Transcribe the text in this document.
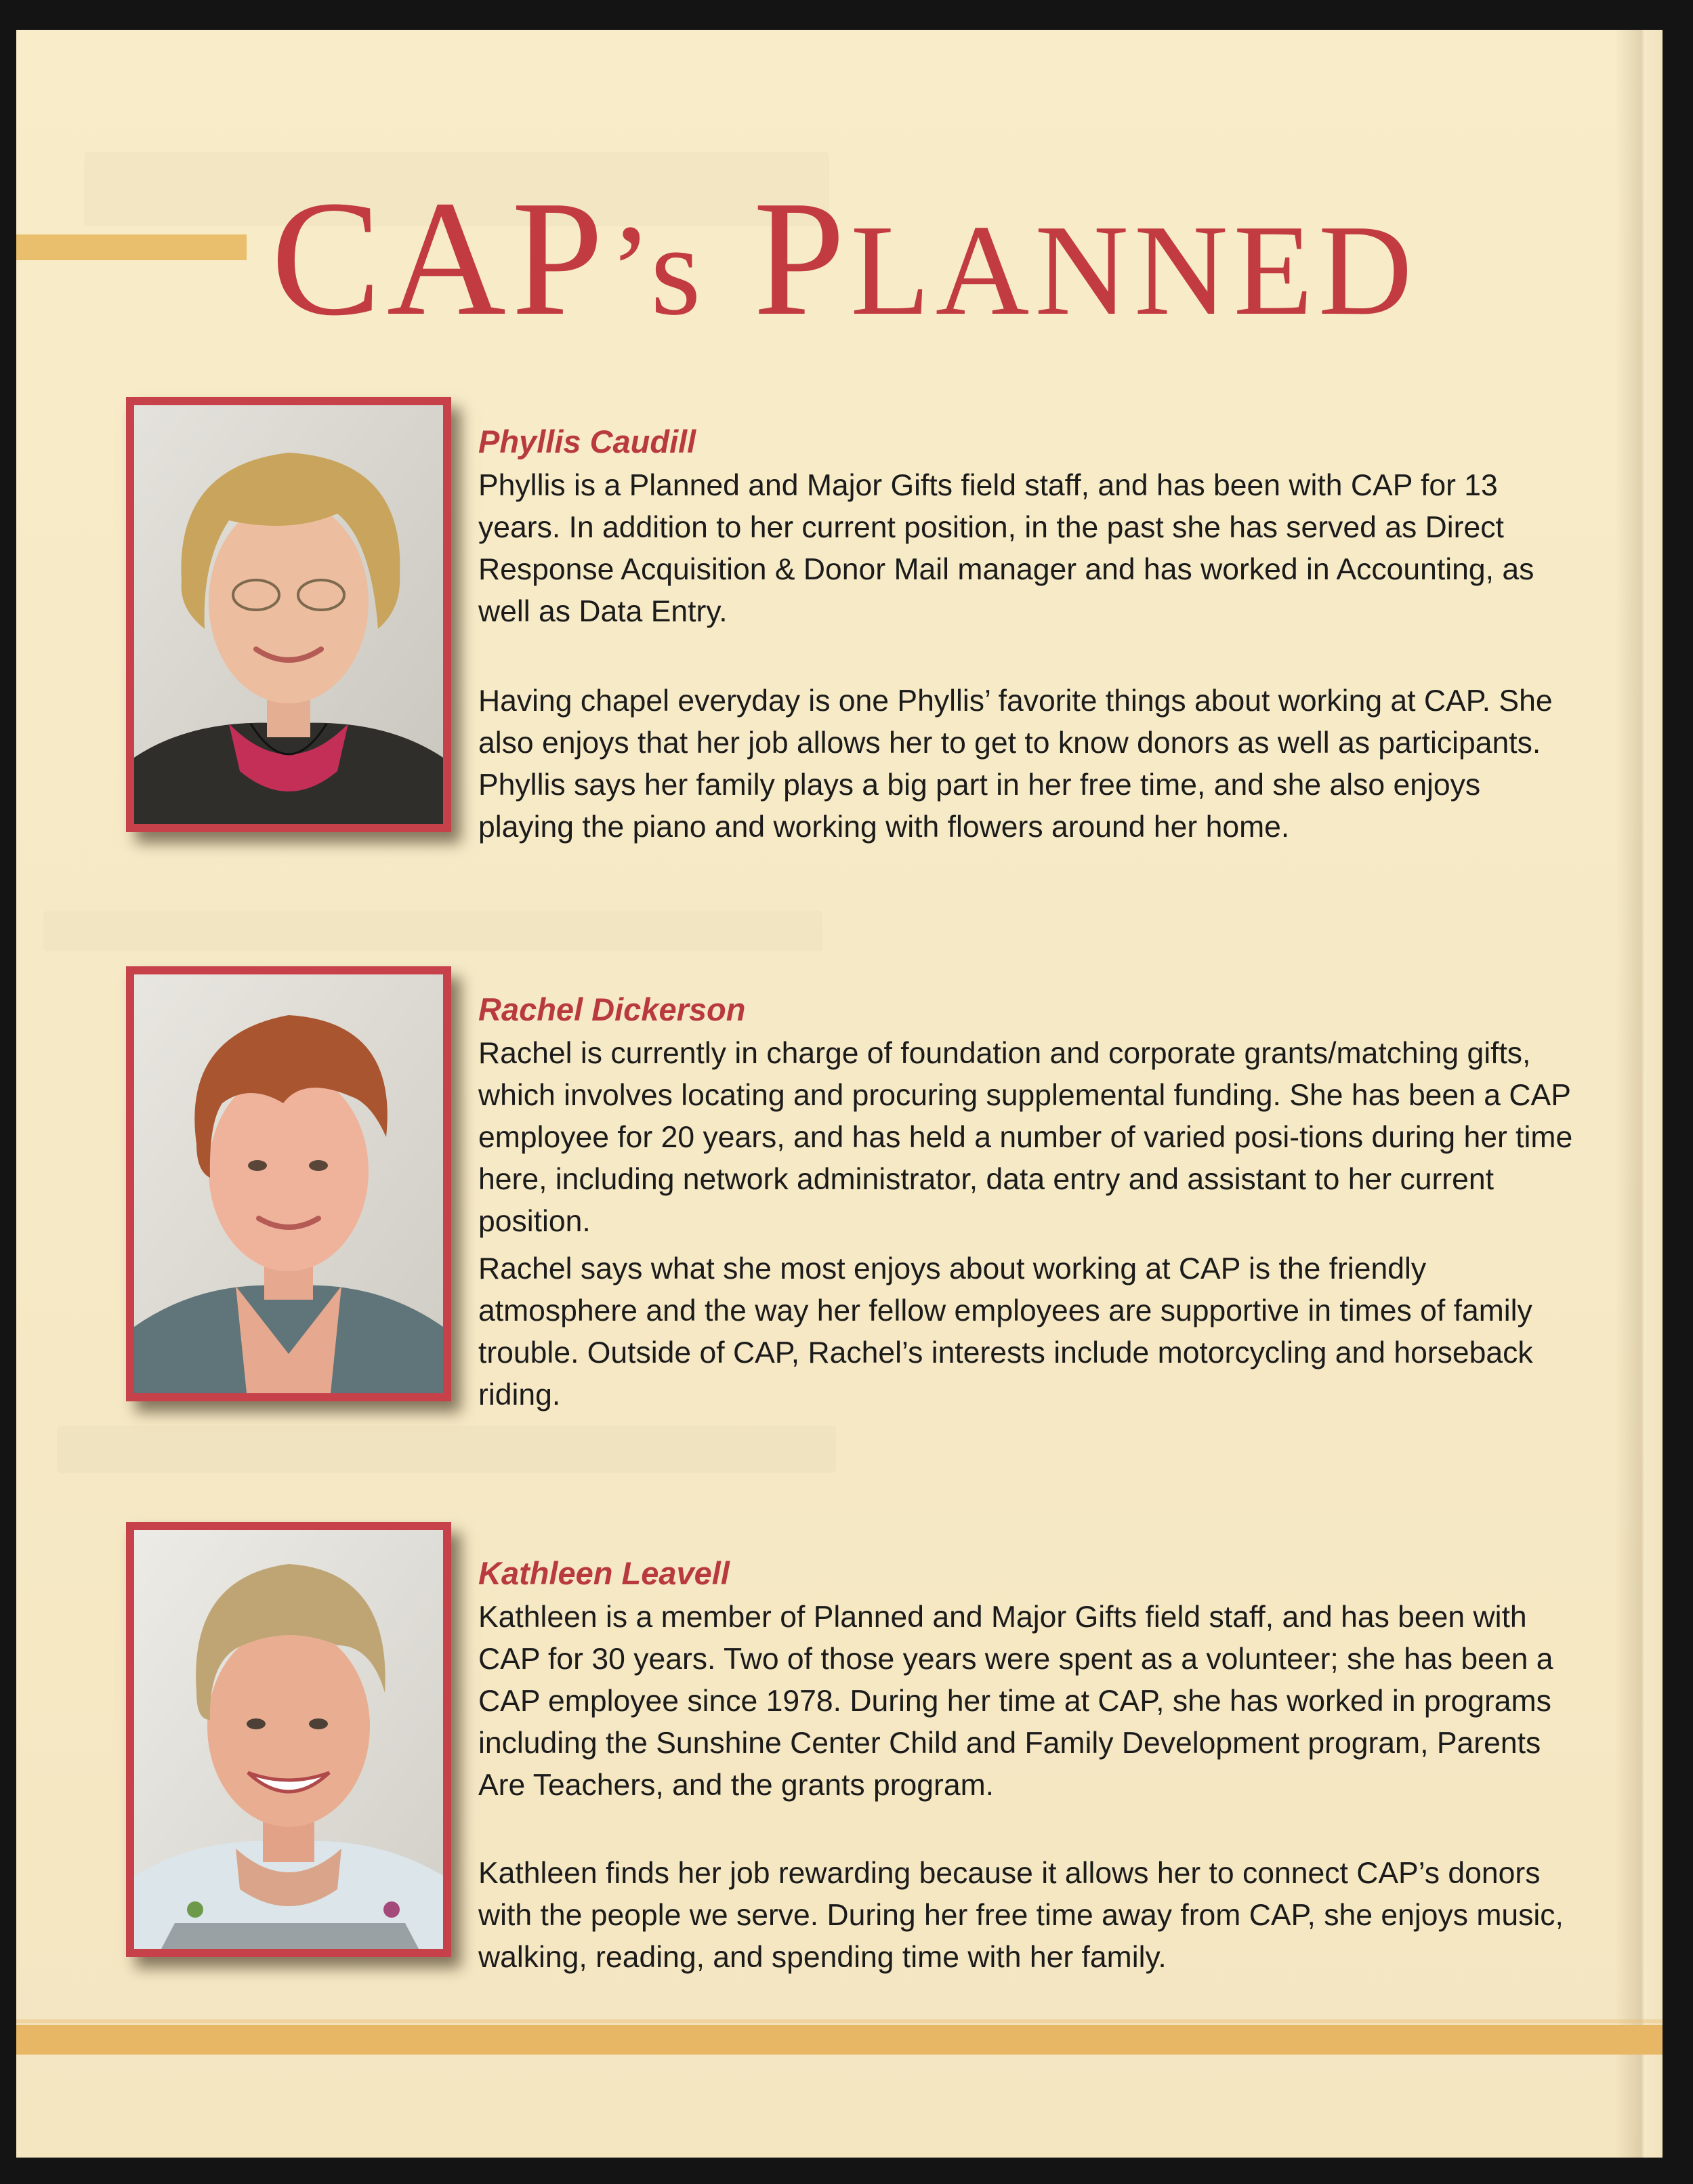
CAP’s PLANNED
Phyllis Caudill

Phyllis is a Planned and Major Gifts field staff, and has been with CAP for 13 years. In addition to her current position, in the past she has served as Direct Response Acquisition & Donor Mail manager and has worked in Accounting, as well as Data Entry.

Having chapel everyday is one Phyllis’ favorite things about working at CAP. She also enjoys that her job allows her to get to know donors as well as participants. Phyllis says her family plays a big part in her free time, and she also enjoys playing the piano and working with flowers around her home.

Rachel Dickerson

Rachel is currently in charge of foundation and corporate grants/matching gifts, which involves locating and procuring supplemental funding. She has been a CAP employee for 20 years, and has held a number of varied posi-tions during her time here, including network administrator, data entry and assistant to her current position.

Rachel says what she most enjoys about working at CAP is the friendly atmosphere and the way her fellow employees are supportive in times of family trouble. Outside of CAP, Rachel’s interests include motorcycling and horseback riding.

Kathleen Leavell

Kathleen is a member of Planned and Major Gifts field staff, and has been with CAP for 30 years. Two of those years were spent as a volunteer; she has been a CAP employee since 1978. During her time at CAP, she has worked in programs including the Sunshine Center Child and Family Development program, Parents Are Teachers, and the grants program.

Kathleen finds her job rewarding because it allows her to connect CAP’s donors with the people we serve. During her free time away from CAP, she enjoys music, walking, reading, and spending time with her family.
